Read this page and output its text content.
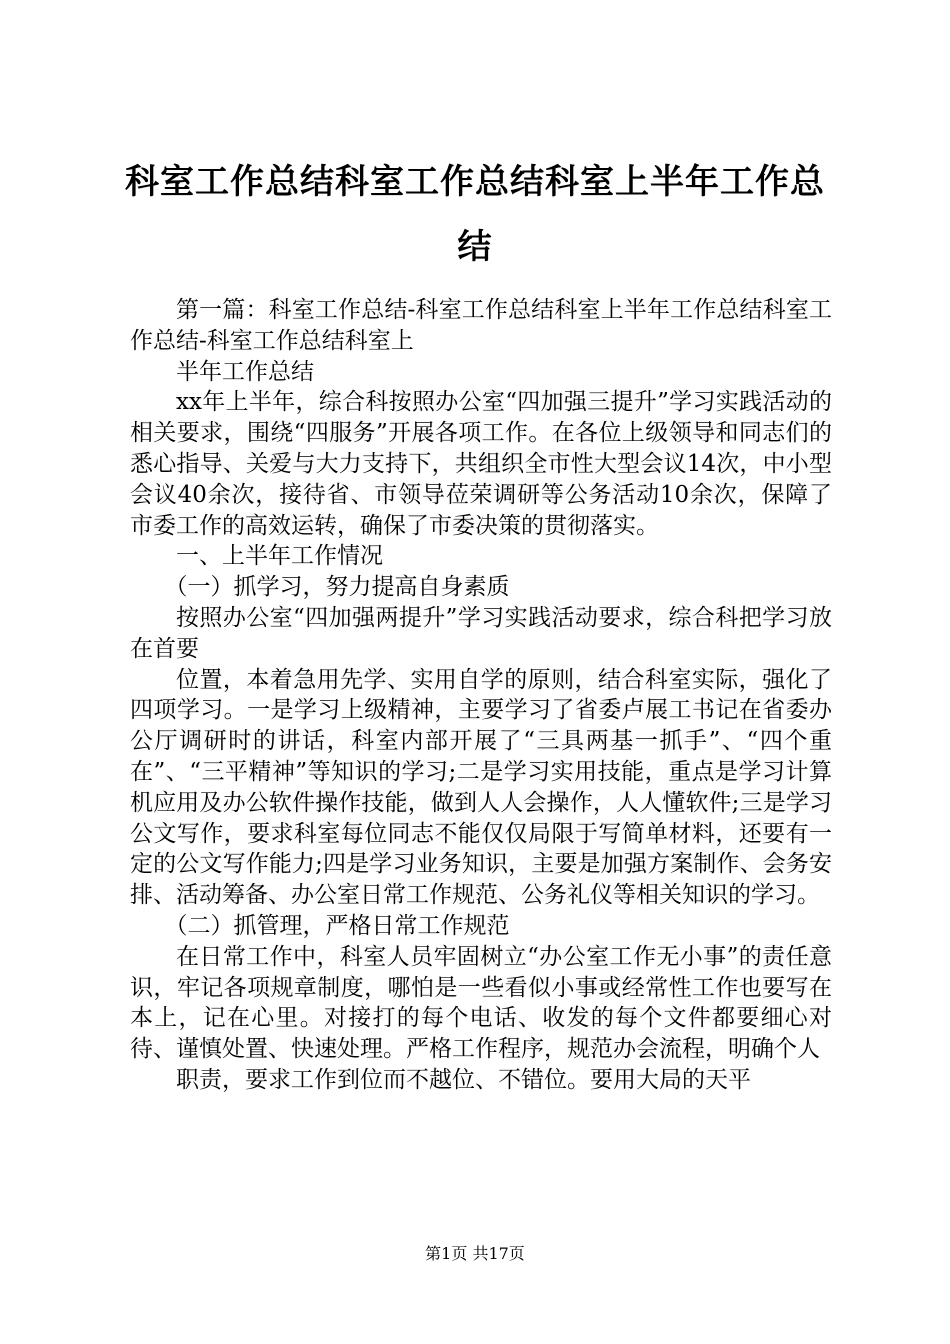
科室工作总结科室工作总结科室上半年工作总结

第一篇：科室工作总结-科室工作总结科室上半年工作总结科室工作总结-科室工作总结科室上

半年工作总结

xx年上半年，综合科按照办公室“四加强三提升”学习实践活动的相关要求，围绕“四服务”开展各项工作。在各位上级领导和同志们的悉心指导、关爱与大力支持下，共组织全市性大型会议14次，中小型会议40余次，接待省、市领导莅荣调研等公务活动10余次，保障了市委工作的高效运转，确保了市委决策的贯彻落实。

一、上半年工作情况

（一）抓学习，努力提高自身素质

按照办公室“四加强两提升”学习实践活动要求，综合科把学习放在首要

位置，本着急用先学、实用自学的原则，结合科室实际，强化了四项学习。一是学习上级精神，主要学习了省委卢展工书记在省委办公厅调研时的讲话，科室内部开展了“三具两基一抓手”、“四个重在”、“三平精神”等知识的学习;二是学习实用技能，重点是学习计算机应用及办公软件操作技能，做到人人会操作，人人懂软件;三是学习公文写作，要求科室每位同志不能仅仅局限于写简单材料，还要有一定的公文写作能力;四是学习业务知识，主要是加强方案制作、会务安排、活动筹备、办公室日常工作规范、公务礼仪等相关知识的学习。

（二）抓管理，严格日常工作规范

在日常工作中，科室人员牢固树立“办公室工作无小事”的责任意识，牢记各项规章制度，哪怕是一些看似小事或经常性工作也要写在本上，记在心里。对接打的每个电话、收发的每个文件都要细心对待、谨慎处置、快速处理。严格工作程序，规范办会流程，明确个人

职责，要求工作到位而不越位、不错位。要用大局的天平

第1页 共17页
